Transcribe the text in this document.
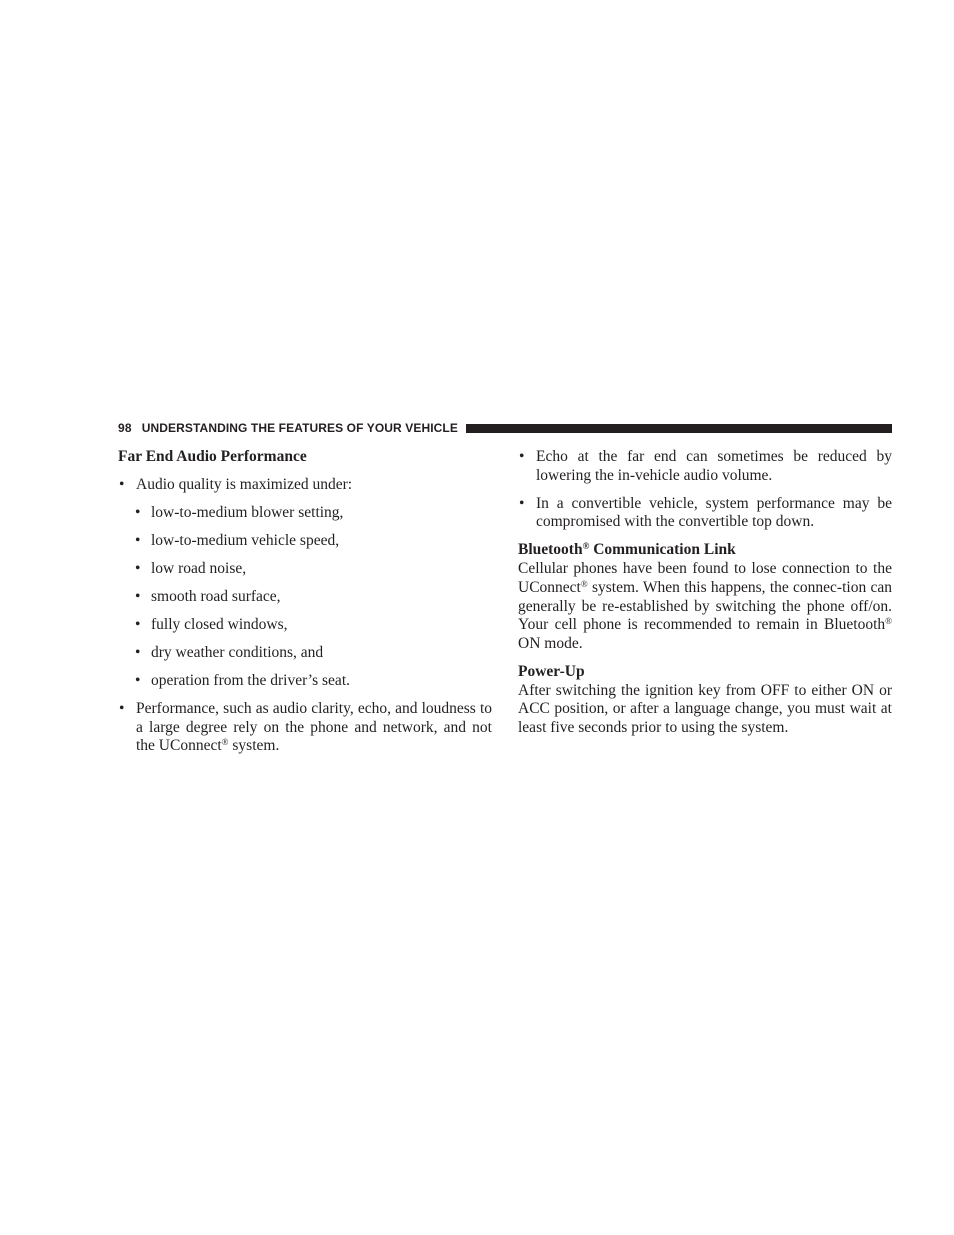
98 UNDERSTANDING THE FEATURES OF YOUR VEHICLE

Far End Audio Performance

• Audio quality is maximized under:
• low-to-medium blower setting,
• low-to-medium vehicle speed,
• low road noise,
• smooth road surface,
• fully closed windows,
• dry weather conditions, and
• operation from the driver’s seat.
• Performance, such as audio clarity, echo, and loudness to a large degree rely on the phone and network, and not the UConnect® system.
• Echo at the far end can sometimes be reduced by lowering the in-vehicle audio volume.
• In a convertible vehicle, system performance may be compromised with the convertible top down.

Bluetooth® Communication Link

Cellular phones have been found to lose connection to the UConnect® system. When this happens, the connec-tion can generally be re-established by switching the phone off/on. Your cell phone is recommended to remain in Bluetooth® ON mode.

Power-Up

After switching the ignition key from OFF to either ON or ACC position, or after a language change, you must wait at least five seconds prior to using the system.
